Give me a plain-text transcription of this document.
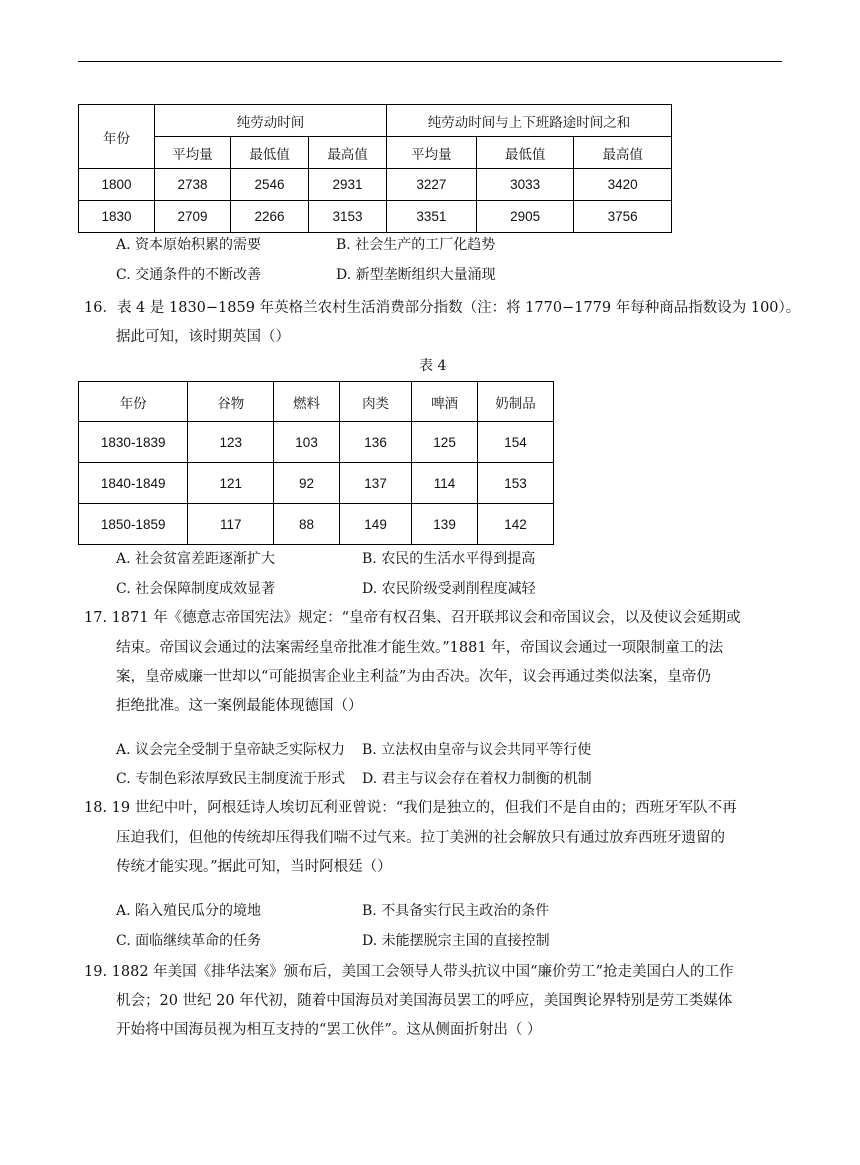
年份	纯劳动时间			纯劳动时间与上下班路途时间之和		
	平均量	最低值	最高值	平均量	最低值	最高值
1800	2738	2546	2931	3227	3033	3420
1830	2709	2266	3153	3351	2905	3756
A. 资本原始积累的需要	B. 社会生产的工厂化趋势
C. 交通条件的不断改善	D. 新型垄断组织大量涌现
16．表 4 是 1830−1859 年英格兰农村生活消费部分指数（注：将 1770−1779 年每种商品指数设为 100）。
据此可知，该时期英国（）
表 4
年份	谷物	燃料	肉类	啤酒	奶制品
1830-1839	123	103	136	125	154
1840-1849	121	92	137	114	153
1850-1859	117	88	149	139	142
A. 社会贫富差距逐渐扩大	B. 农民的生活水平得到提高
C. 社会保障制度成效显著	D. 农民阶级受剥削程度减轻
17. 1871 年《德意志帝国宪法》规定：“皇帝有权召集、召开联邦议会和帝国议会，以及使议会延期或
结束。帝国议会通过的法案需经皇帝批准才能生效。”1881 年，帝国议会通过一项限制童工的法
案，皇帝威廉一世却以“可能损害企业主利益”为由否决。次年，议会再通过类似法案，皇帝仍
拒绝批准。这一案例最能体现德国（）
A. 议会完全受制于皇帝缺乏实际权力 B. 立法权由皇帝与议会共同平等行使
C. 专制色彩浓厚致民主制度流于形式 D. 君主与议会存在着权力制衡的机制
18. 19 世纪中叶，阿根廷诗人埃切瓦利亚曾说：“我们是独立的，但我们不是自由的；西班牙军队不再
压迫我们，但他的传统却压得我们喘不过气来。拉丁美洲的社会解放只有通过放弃西班牙遗留的
传统才能实现。”据此可知，当时阿根廷（）
A. 陷入殖民瓜分的境地	B. 不具备实行民主政治的条件
C. 面临继续革命的任务	D. 未能摆脱宗主国的直接控制
19. 1882 年美国《排华法案》颁布后，美国工会领导人带头抗议中国“廉价劳工”抢走美国白人的工作
机会；20 世纪 20 年代初，随着中国海员对美国海员罢工的呼应，美国舆论界特别是劳工类媒体
开始将中国海员视为相互支持的“罢工伙伴”。这从侧面折射出（ ）
